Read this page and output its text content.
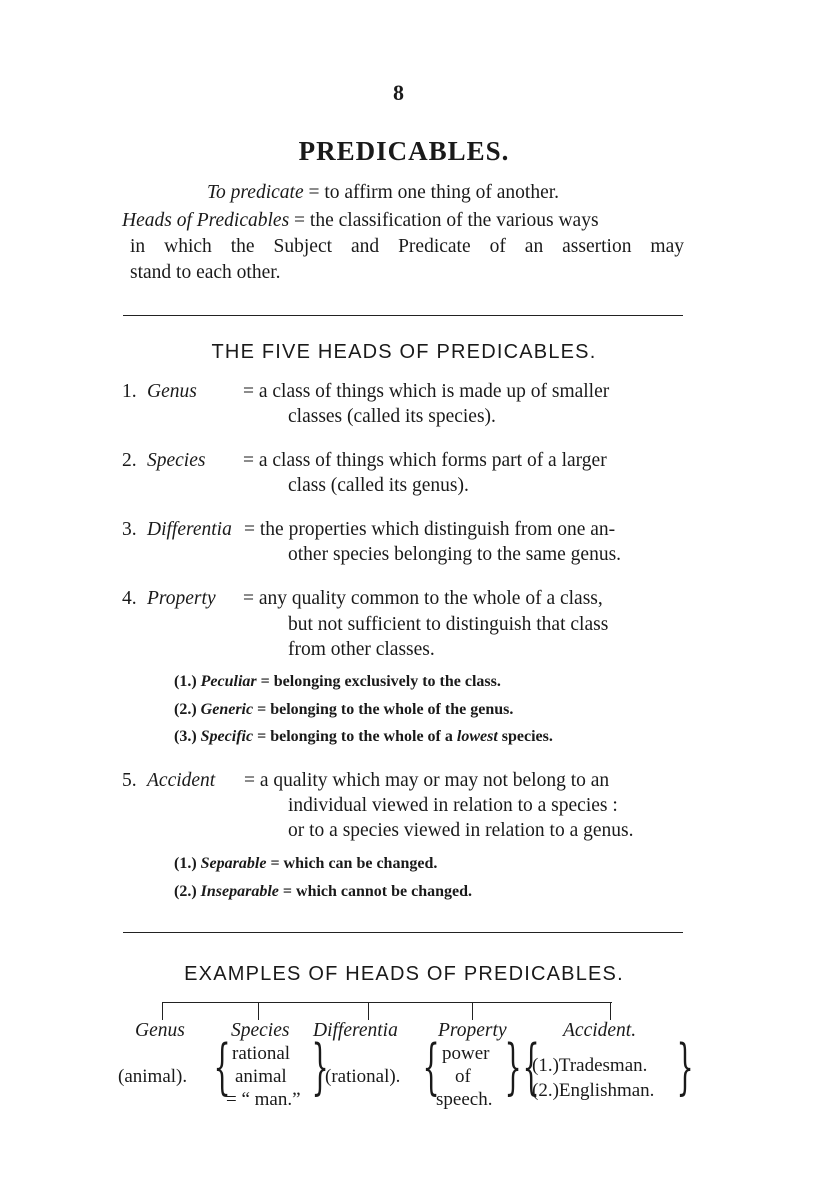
8
PREDICABLES.
To predicate = to affirm one thing of another.
Heads of Predicables = the classification of the various ways
in which the Subject and Predicate of an assertion may
stand to each other.
THE FIVE HEADS OF PREDICABLES.
1. Genus = a class of things which is made up of smaller
classes (called its species).
2. Species = a class of things which forms part of a larger
class (called its genus).
3. Differentia = the properties which distinguish from one an-
other species belonging to the same genus.
4. Property = any quality common to the whole of a class,
but not sufficient to distinguish that class
from other classes.
(1.) Peculiar = belonging exclusively to the class.
(2.) Generic = belonging to the whole of the genus.
(3.) Specific = belonging to the whole of a lowest species.
5. Accident = a quality which may or may not belong to an
individual viewed in relation to a species :
or to a species viewed in relation to a genus.
(1.) Separable = which can be changed.
(2.) Inseparable = which cannot be changed.
EXAMPLES OF HEADS OF PREDICABLES.
Genus Species Differentia Property	Accident.
(animal). { rational
animal
= “ man.” }
(rational). { power
of
speech. } {
(1.)Tradesman.
(2.)Englishman. }
